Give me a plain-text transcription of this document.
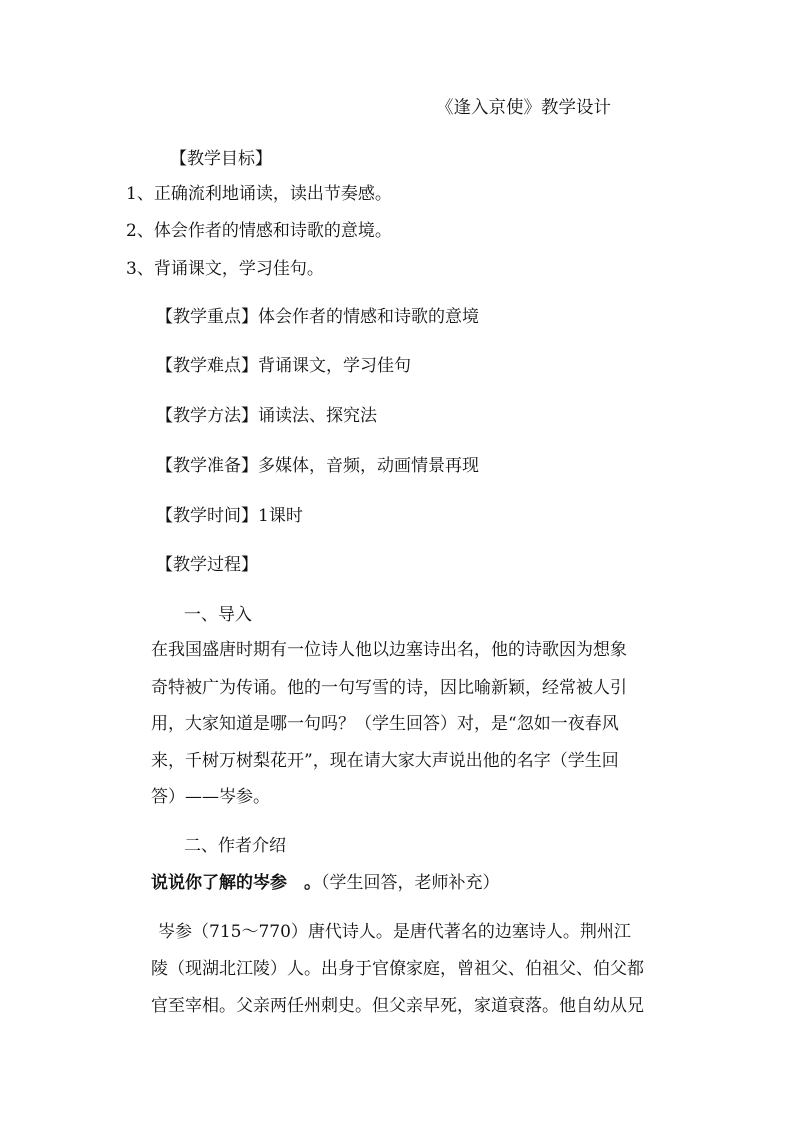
《逢入京使》教学设计
【教学目标】
1、正确流利地诵读，读出节奏感。
2、体会作者的情感和诗歌的意境。
3、背诵课文，学习佳句。
【教学重点】体会作者的情感和诗歌的意境
【教学难点】背诵课文，学习佳句
【教学方法】诵读法、探究法
【教学准备】多媒体，音频，动画情景再现
【教学时间】1课时
【教学过程】
一、导入
在我国盛唐时期有一位诗人他以边塞诗出名，他的诗歌因为想象
奇特被广为传诵。他的一句写雪的诗，因比喻新颖，经常被人引
用，大家知道是哪一句吗？（学生回答）对，是“忽如一夜春风
来，千树万树梨花开”，现在请大家大声说出他的名字（学生回
答）——岑参。
二、作者介绍
说说你了解的岑参　。（学生回答，老师补充）
岑参（715～770）唐代诗人。是唐代著名的边塞诗人。荆州江
陵（现湖北江陵）人。出身于官僚家庭，曾祖父、伯祖父、伯父都
官至宰相。父亲两任州刺史。但父亲早死，家道衰落。他自幼从兄
